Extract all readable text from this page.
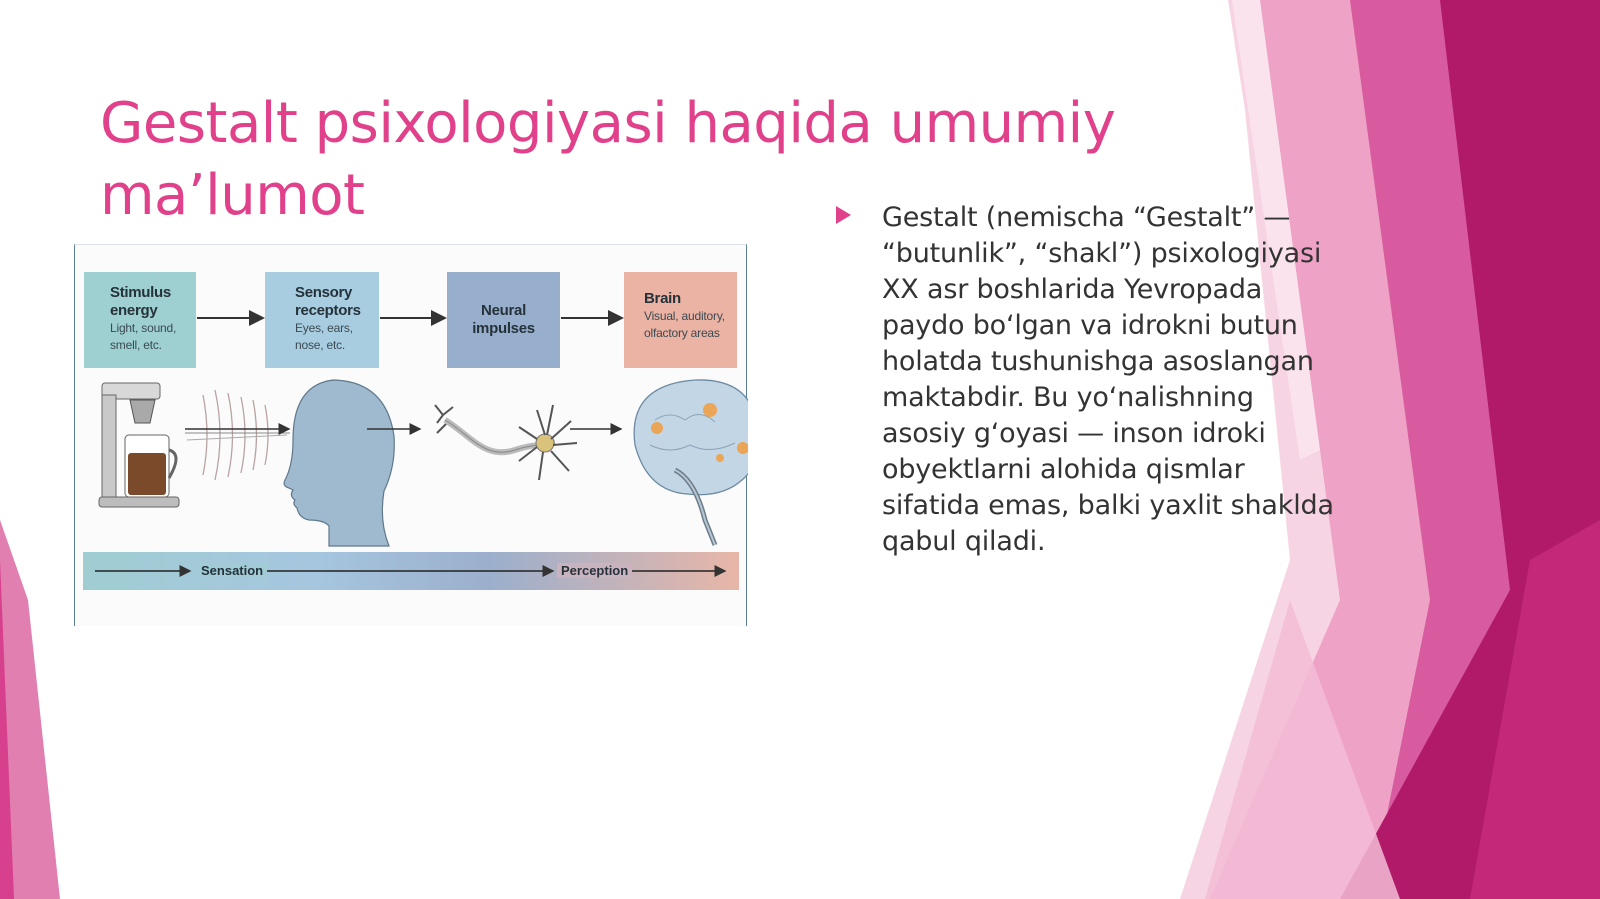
Gestalt psixologiyasi haqida umumiy ma’lumot
Sensation	Perception
Stimulus
energy
Light, sound,
smell, etc.
Sensory
receptors
Eyes, ears,
nose, etc.
Neural
impulses
Brain
Visual, auditory,
olfactory areas

Gestalt (nemischa “Gestalt” — “butunlik”, “shakl”) psixologiyasi XX asr boshlarida Yevropada paydo bo‘lgan va idrokni butun holatda tushunishga asoslangan maktabdir. Bu yo‘nalishning asosiy g‘oyasi — inson idroki obyektlarni alohida qismlar sifatida emas, balki yaxlit shaklda qabul qiladi.
